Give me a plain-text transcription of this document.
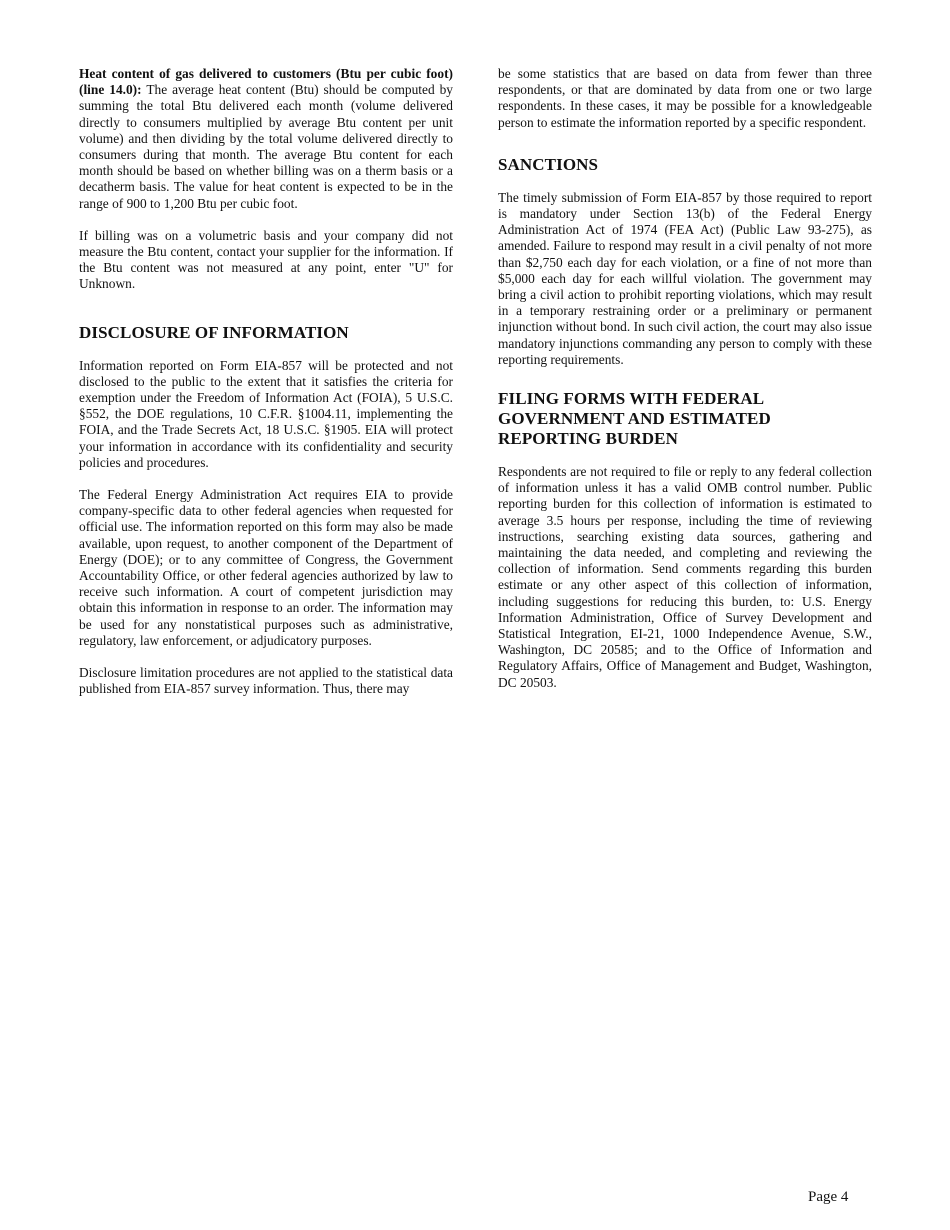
Heat content of gas delivered to customers (Btu per cubic foot) (line 14.0): The average heat content (Btu) should be computed by summing the total Btu delivered each month (volume delivered directly to consumers multiplied by average Btu content per unit volume) and then dividing by the total volume delivered directly to consumers during that month. The average Btu content for each month should be based on whether billing was on a therm basis or a decatherm basis. The value for heat content is expected to be in the range of 900 to 1,200 Btu per cubic foot.

If billing was on a volumetric basis and your company did not measure the Btu content, contact your supplier for the information. If the Btu content was not measured at any point, enter "U" for Unknown.

DISCLOSURE OF INFORMATION

Information reported on Form EIA-857 will be protected and not disclosed to the public to the extent that it satisfies the criteria for exemption under the Freedom of Information Act (FOIA), 5 U.S.C. §552, the DOE regulations, 10 C.F.R. §1004.11, implementing the FOIA, and the Trade Secrets Act, 18 U.S.C. §1905. EIA will protect your information in accordance with its confidentiality and security policies and procedures.

The Federal Energy Administration Act requires EIA to provide company-specific data to other federal agencies when requested for official use. The information reported on this form may also be made available, upon request, to another component of the Department of Energy (DOE); or to any committee of Congress, the Government Accountability Office, or other federal agencies authorized by law to receive such information. A court of competent jurisdiction may obtain this information in response to an order. The information may be used for any nonstatistical purposes such as administrative, regulatory, law enforcement, or adjudicatory purposes.

Disclosure limitation procedures are not applied to the statistical data published from EIA-857 survey information. Thus, there may

be some statistics that are based on data from fewer than three respondents, or that are dominated by data from one or two large respondents. In these cases, it may be possible for a knowledgeable person to estimate the information reported by a specific respondent.

SANCTIONS

The timely submission of Form EIA-857 by those required to report is mandatory under Section 13(b) of the Federal Energy Administration Act of 1974 (FEA Act) (Public Law 93-275), as amended. Failure to respond may result in a civil penalty of not more than $2,750 each day for each violation, or a fine of not more than $5,000 each day for each willful violation. The government may bring a civil action to prohibit reporting violations, which may result in a temporary restraining order or a preliminary or permanent injunction without bond. In such civil action, the court may also issue mandatory injunctions commanding any person to comply with these reporting requirements.

FILING FORMS WITH FEDERAL
GOVERNMENT AND ESTIMATED
REPORTING BURDEN

Respondents are not required to file or reply to any federal collection of information unless it has a valid OMB control number. Public reporting burden for this collection of information is estimated to average 3.5 hours per response, including the time of reviewing instructions, searching existing data sources, gathering and maintaining the data needed, and completing and reviewing the collection of information. Send comments regarding this burden estimate or any other aspect of this collection of information, including suggestions for reducing this burden, to: U.S. Energy Information Administration, Office of Survey Development and Statistical Integration, EI-21, 1000 Independence Avenue, S.W., Washington, DC 20585; and to the Office of Information and Regulatory Affairs, Office of Management and Budget, Washington, DC 20503.

Page 4
